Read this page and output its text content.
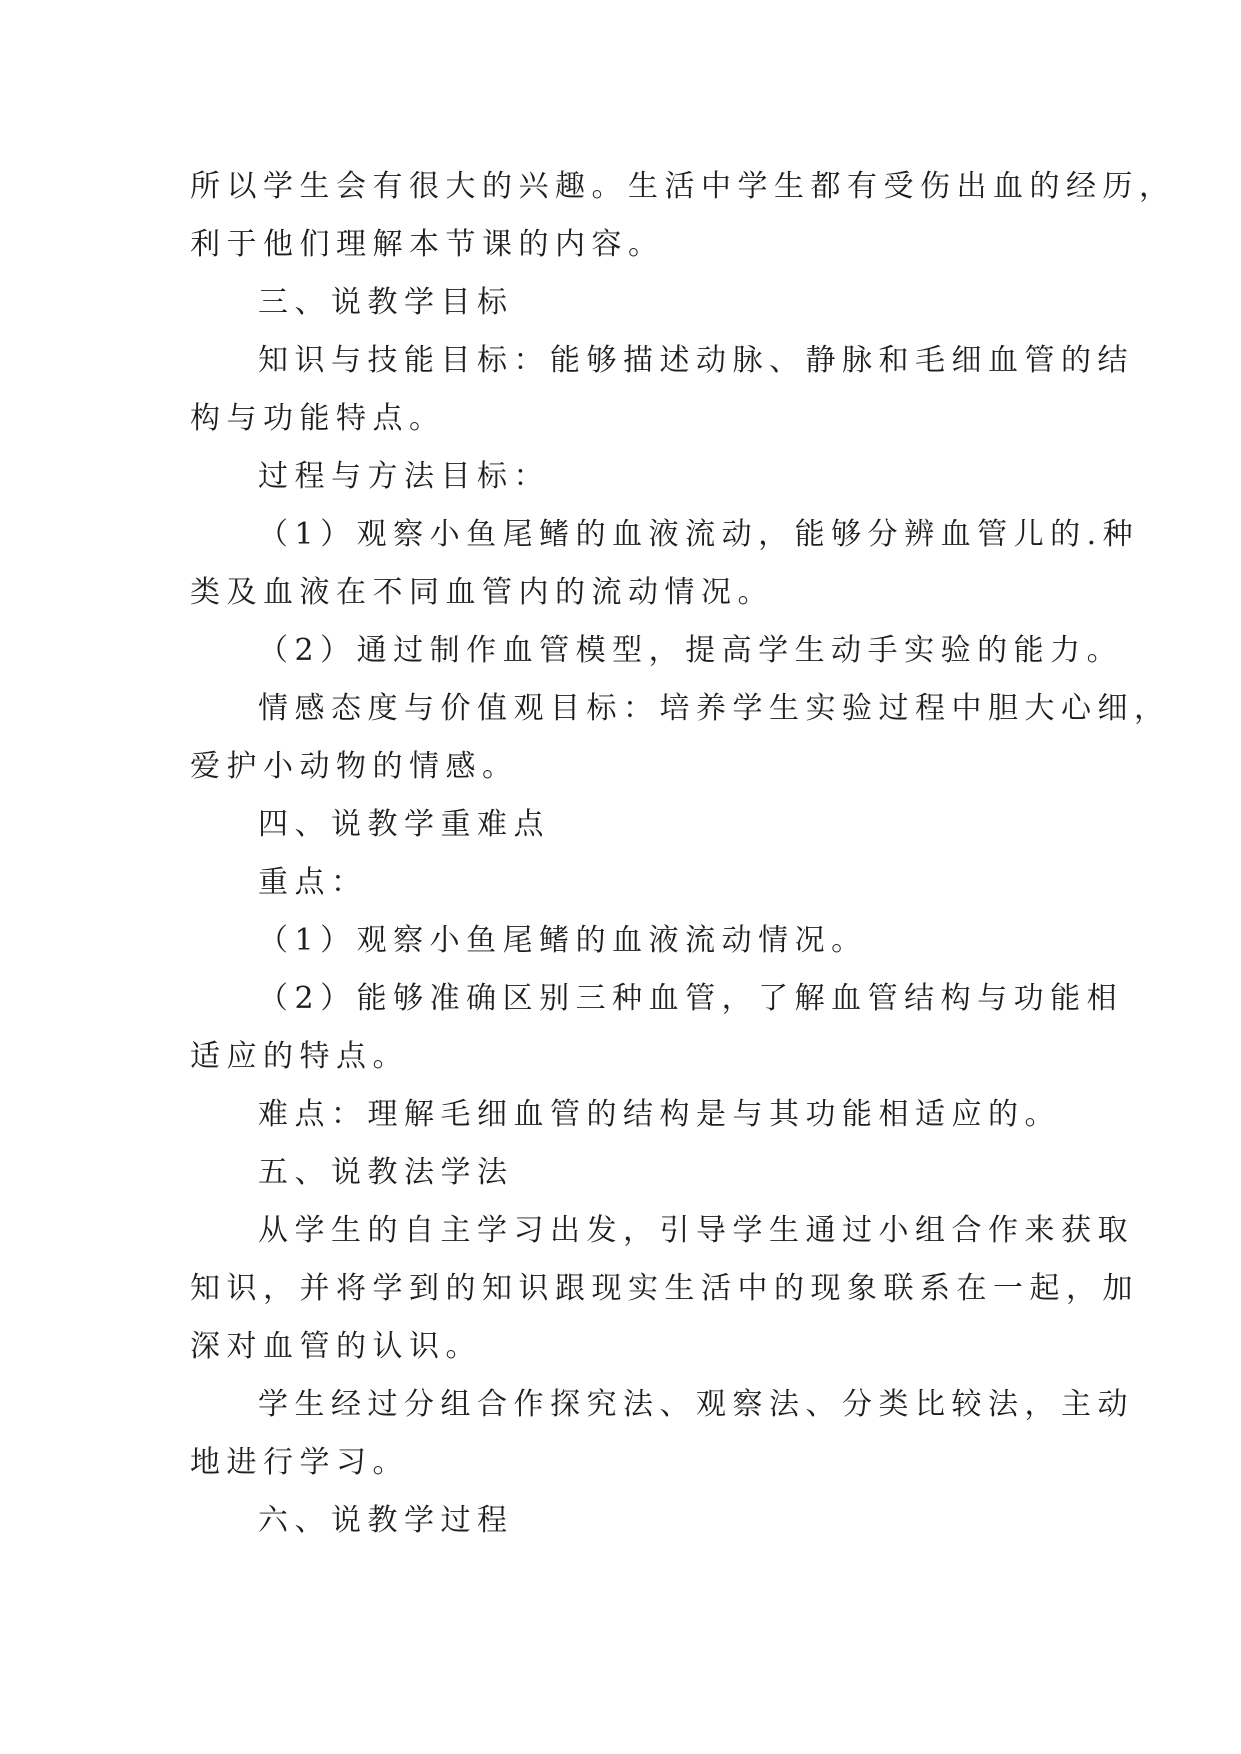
所以学生会有很大的兴趣。生活中学生都有受伤出血的经历，
利于他们理解本节课的内容。
三、说教学目标
知识与技能目标：能够描述动脉、静脉和毛细血管的结
构与功能特点。
过程与方法目标：
（1）观察小鱼尾鳍的血液流动，能够分辨血管儿的.种
类及血液在不同血管内的流动情况。
（2）通过制作血管模型，提高学生动手实验的能力。
情感态度与价值观目标：培养学生实验过程中胆大心细，
爱护小动物的情感。
四、说教学重难点
重点：
（1）观察小鱼尾鳍的血液流动情况。
（2）能够准确区别三种血管，了解血管结构与功能相
适应的特点。
难点：理解毛细血管的结构是与其功能相适应的。
五、说教法学法
从学生的自主学习出发，引导学生通过小组合作来获取
知识，并将学到的知识跟现实生活中的现象联系在一起，加
深对血管的认识。
学生经过分组合作探究法、观察法、分类比较法，主动
地进行学习。
六、说教学过程
